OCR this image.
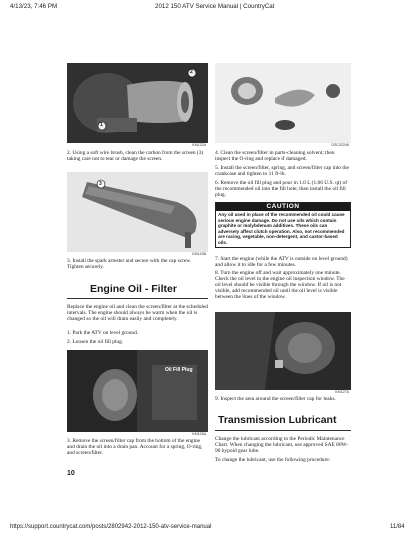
4/13/23, 7:46 PM	2012 150 ATV Service Manual | CountryCat
2
1
KM132A

2. Using a soft wire brush, clean the carbon from the screen (3) taking care not to tear or damage the screen.

3
KM143B

3. Install the spark arrester and secure with the cap screw. Tighten securely.

Engine Oil - Filter

Replace the engine oil and clean the screen/filter at the scheduled intervals. The engine should always be warm when the oil is changed so the oil will drain easily and completely.

1. Park the ATV on level ground.

2. Loosen the oil fill plug.

Oil Fill Plug
KM126A

3. Remove the screen/filter cap from the bottom of the engine and drain the oil into a drain pan. Account for a spring, O-ring, and screen/filter.

10
DSC02246

4. Clean the screen/filter in parts-cleaning solvent; then inspect the O-ring and replace if damaged.

5. Install the screen/filter, spring, and screen/filter cap into the crankcase and tighten to 11 ft-lb.

6. Remove the oil fill plug and pour in 1.0 L (1.06 U.S. qt) of the recommended oil into the fill hole; then install the oil fill plug.

CAUTION
Any oil used in place of the recommended oil could cause serious engine damage. Do not use oils which contain graphite or molybdenum additives. These oils can adversely affect clutch operation. Also, not recommended are racing, vegetable, non-detergent, and castor-based oils.

7. Start the engine (while the ATV is outside on level ground) and allow it to idle for a few minutes.

8. Turn the engine off and wait approximately one minute. Check the oil level in the engine oil inspection window. The oil level should be visible through the window. If oil is not visible, add recommended oil until the oil level is visible between the lines of the window.

KM127A

9. Inspect the area around the screen/filter cap for leaks.

Transmission Lubricant

Change the lubricant according to the Periodic Maintenance Chart. When changing the lubricant, use approved SAE 80W-90 hypoid gear lube.

To change the lubricant, use the following procedure:

https://support.countrycat.com/posts/2802942-2012-150-atv-service-manual	11/84
